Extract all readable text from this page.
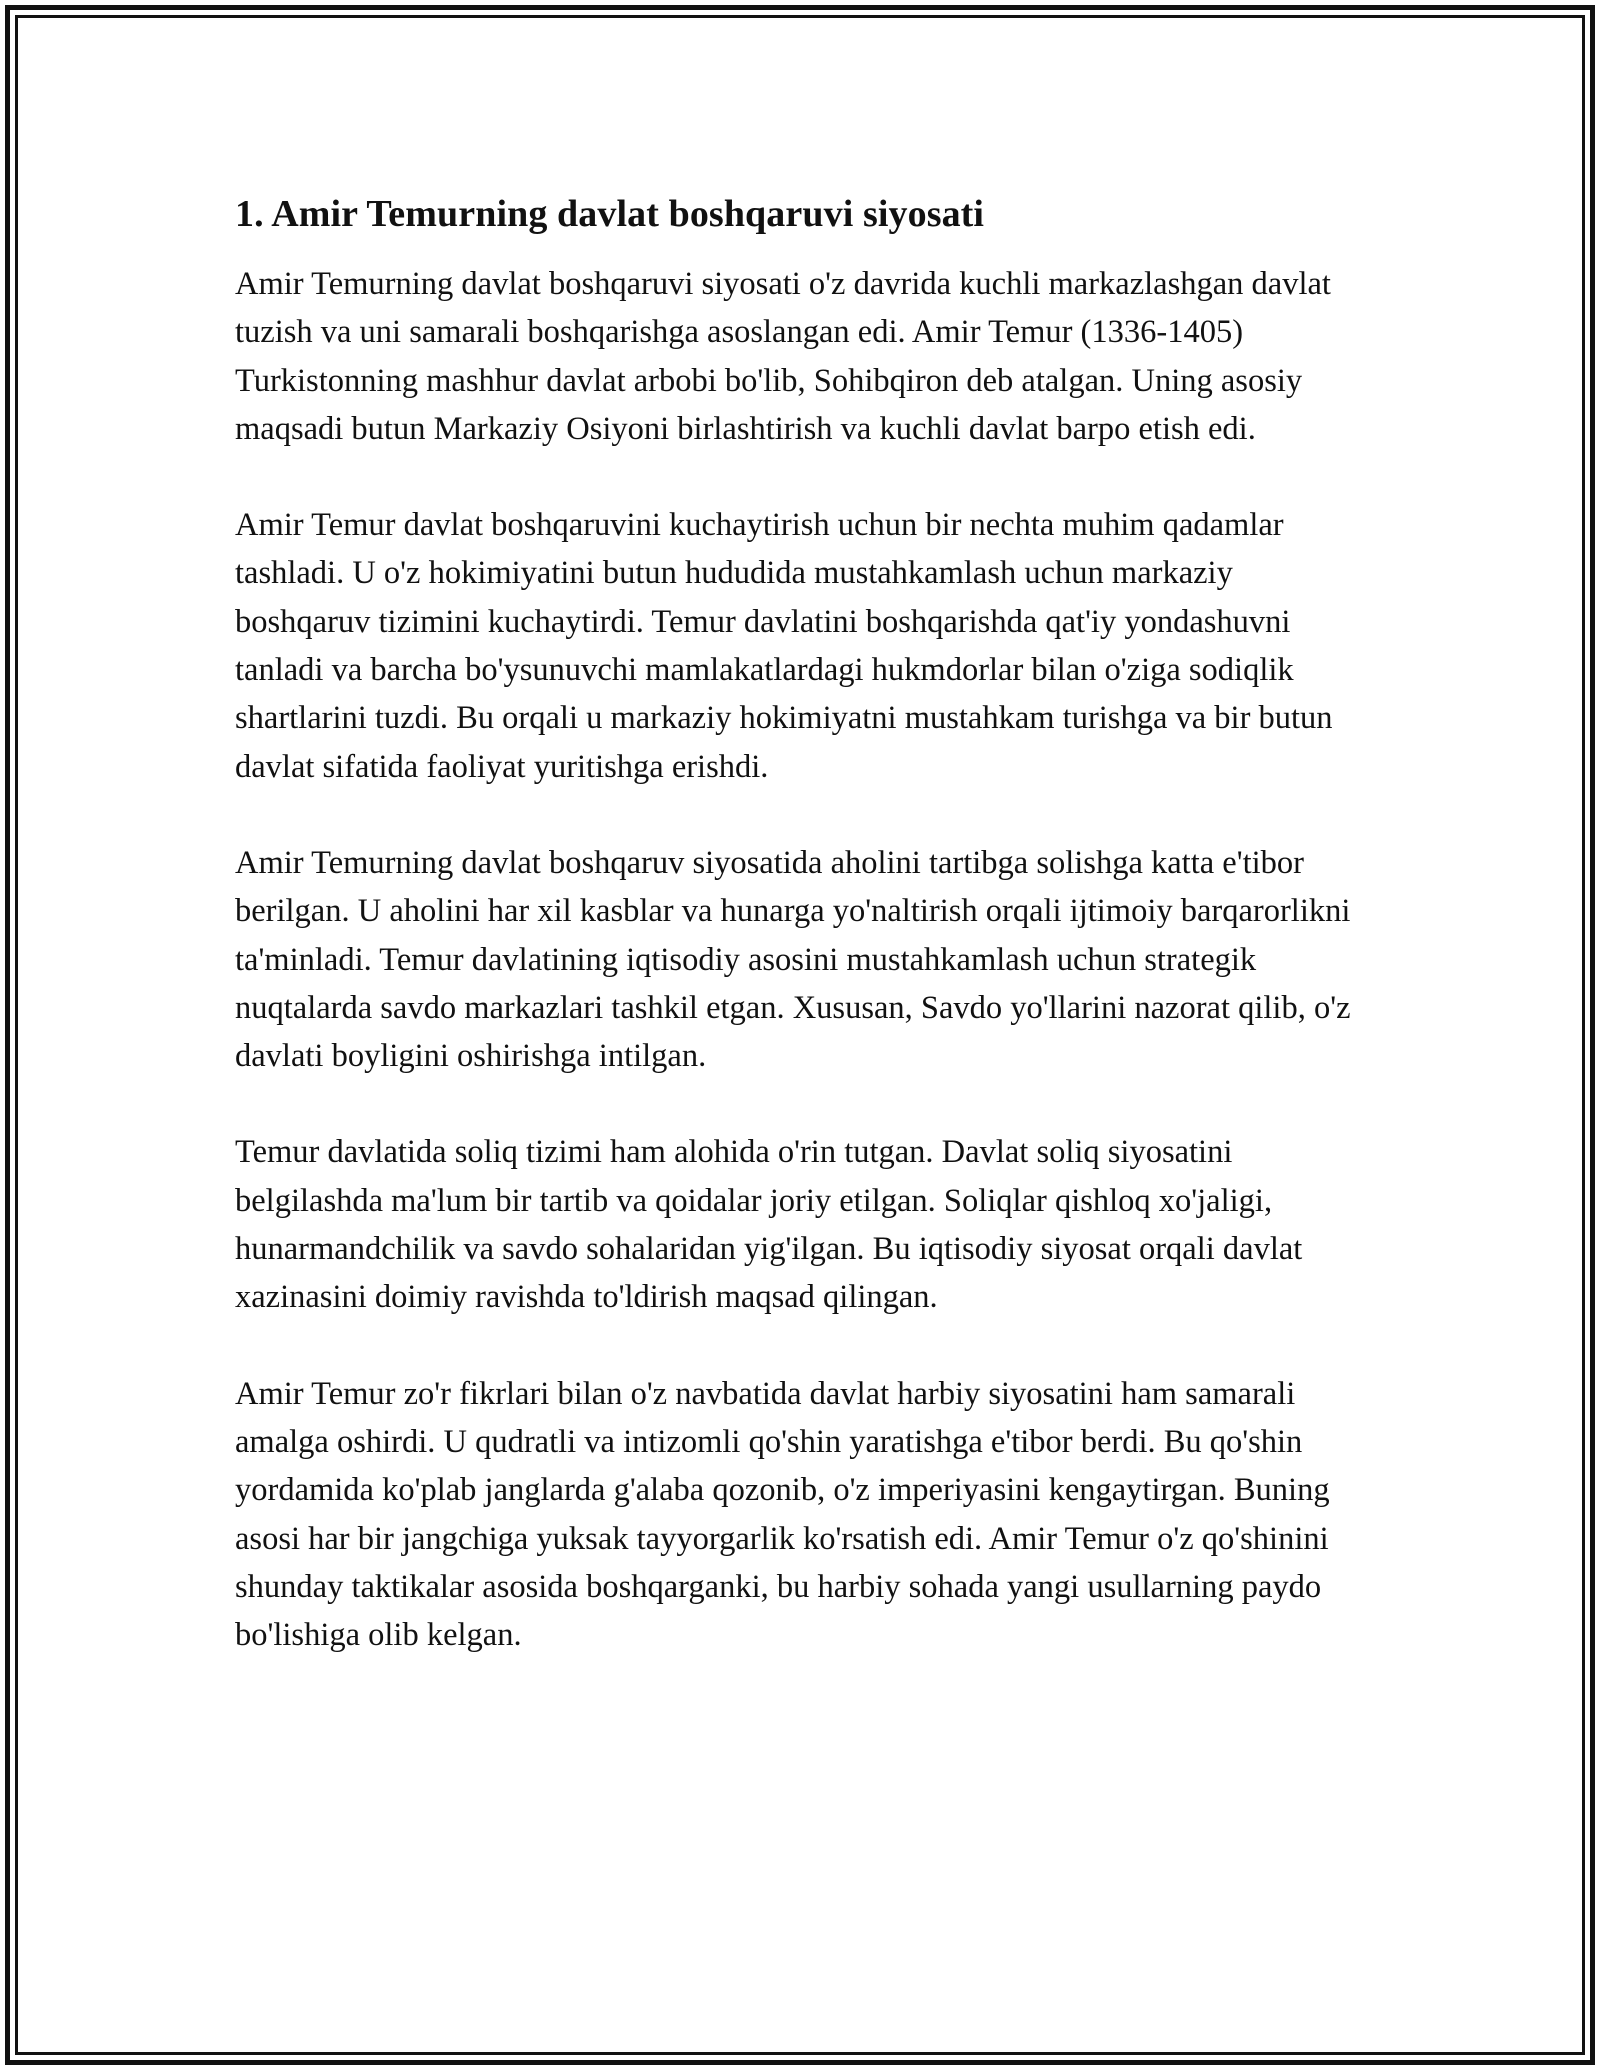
1. Amir Temurning davlat boshqaruvi siyosati

Amir Temurning davlat boshqaruvi siyosati o'z davrida kuchli markazlashgan davlat tuzish va uni samarali boshqarishga asoslangan edi. Amir Temur (1336-1405) Turkistonning mashhur davlat arbobi bo'lib, Sohibqiron deb atalgan. Uning asosiy maqsadi butun Markaziy Osiyoni birlashtirish va kuchli davlat barpo etish edi.

Amir Temur davlat boshqaruvini kuchaytirish uchun bir nechta muhim qadamlar tashladi. U o'z hokimiyatini butun hududida mustahkamlash uchun markaziy boshqaruv tizimini kuchaytirdi. Temur davlatini boshqarishda qat'iy yondashuvni tanladi va barcha bo'ysunuvchi mamlakatlardagi hukmdorlar bilan o'ziga sodiqlik shartlarini tuzdi. Bu orqali u markaziy hokimiyatni mustahkam turishga va bir butun davlat sifatida faoliyat yuritishga erishdi.

Amir Temurning davlat boshqaruv siyosatida aholini tartibga solishga katta e'tibor berilgan. U aholini har xil kasblar va hunarga yo'naltirish orqali ijtimoiy barqarorlikni ta'minladi. Temur davlatining iqtisodiy asosini mustahkamlash uchun strategik nuqtalarda savdo markazlari tashkil etgan. Xususan, Savdo yo'llarini nazorat qilib, o'z davlati boyligini oshirishga intilgan.

Temur davlatida soliq tizimi ham alohida o'rin tutgan. Davlat soliq siyosatini belgilashda ma'lum bir tartib va qoidalar joriy etilgan. Soliqlar qishloq xo'jaligi, hunarmandchilik va savdo sohalaridan yig'ilgan. Bu iqtisodiy siyosat orqali davlat xazinasini doimiy ravishda to'ldirish maqsad qilingan.

Amir Temur zo'r fikrlari bilan o'z navbatida davlat harbiy siyosatini ham samarali amalga oshirdi. U qudratli va intizomli qo'shin yaratishga e'tibor berdi. Bu qo'shin yordamida ko'plab janglarda g'alaba qozonib, o'z imperiyasini kengaytirgan. Buning asosi har bir jangchiga yuksak tayyorgarlik ko'rsatish edi. Amir Temur o'z qo'shinini shunday taktikalar asosida boshqarganki, bu harbiy sohada yangi usullarning paydo bo'lishiga olib kelgan.
